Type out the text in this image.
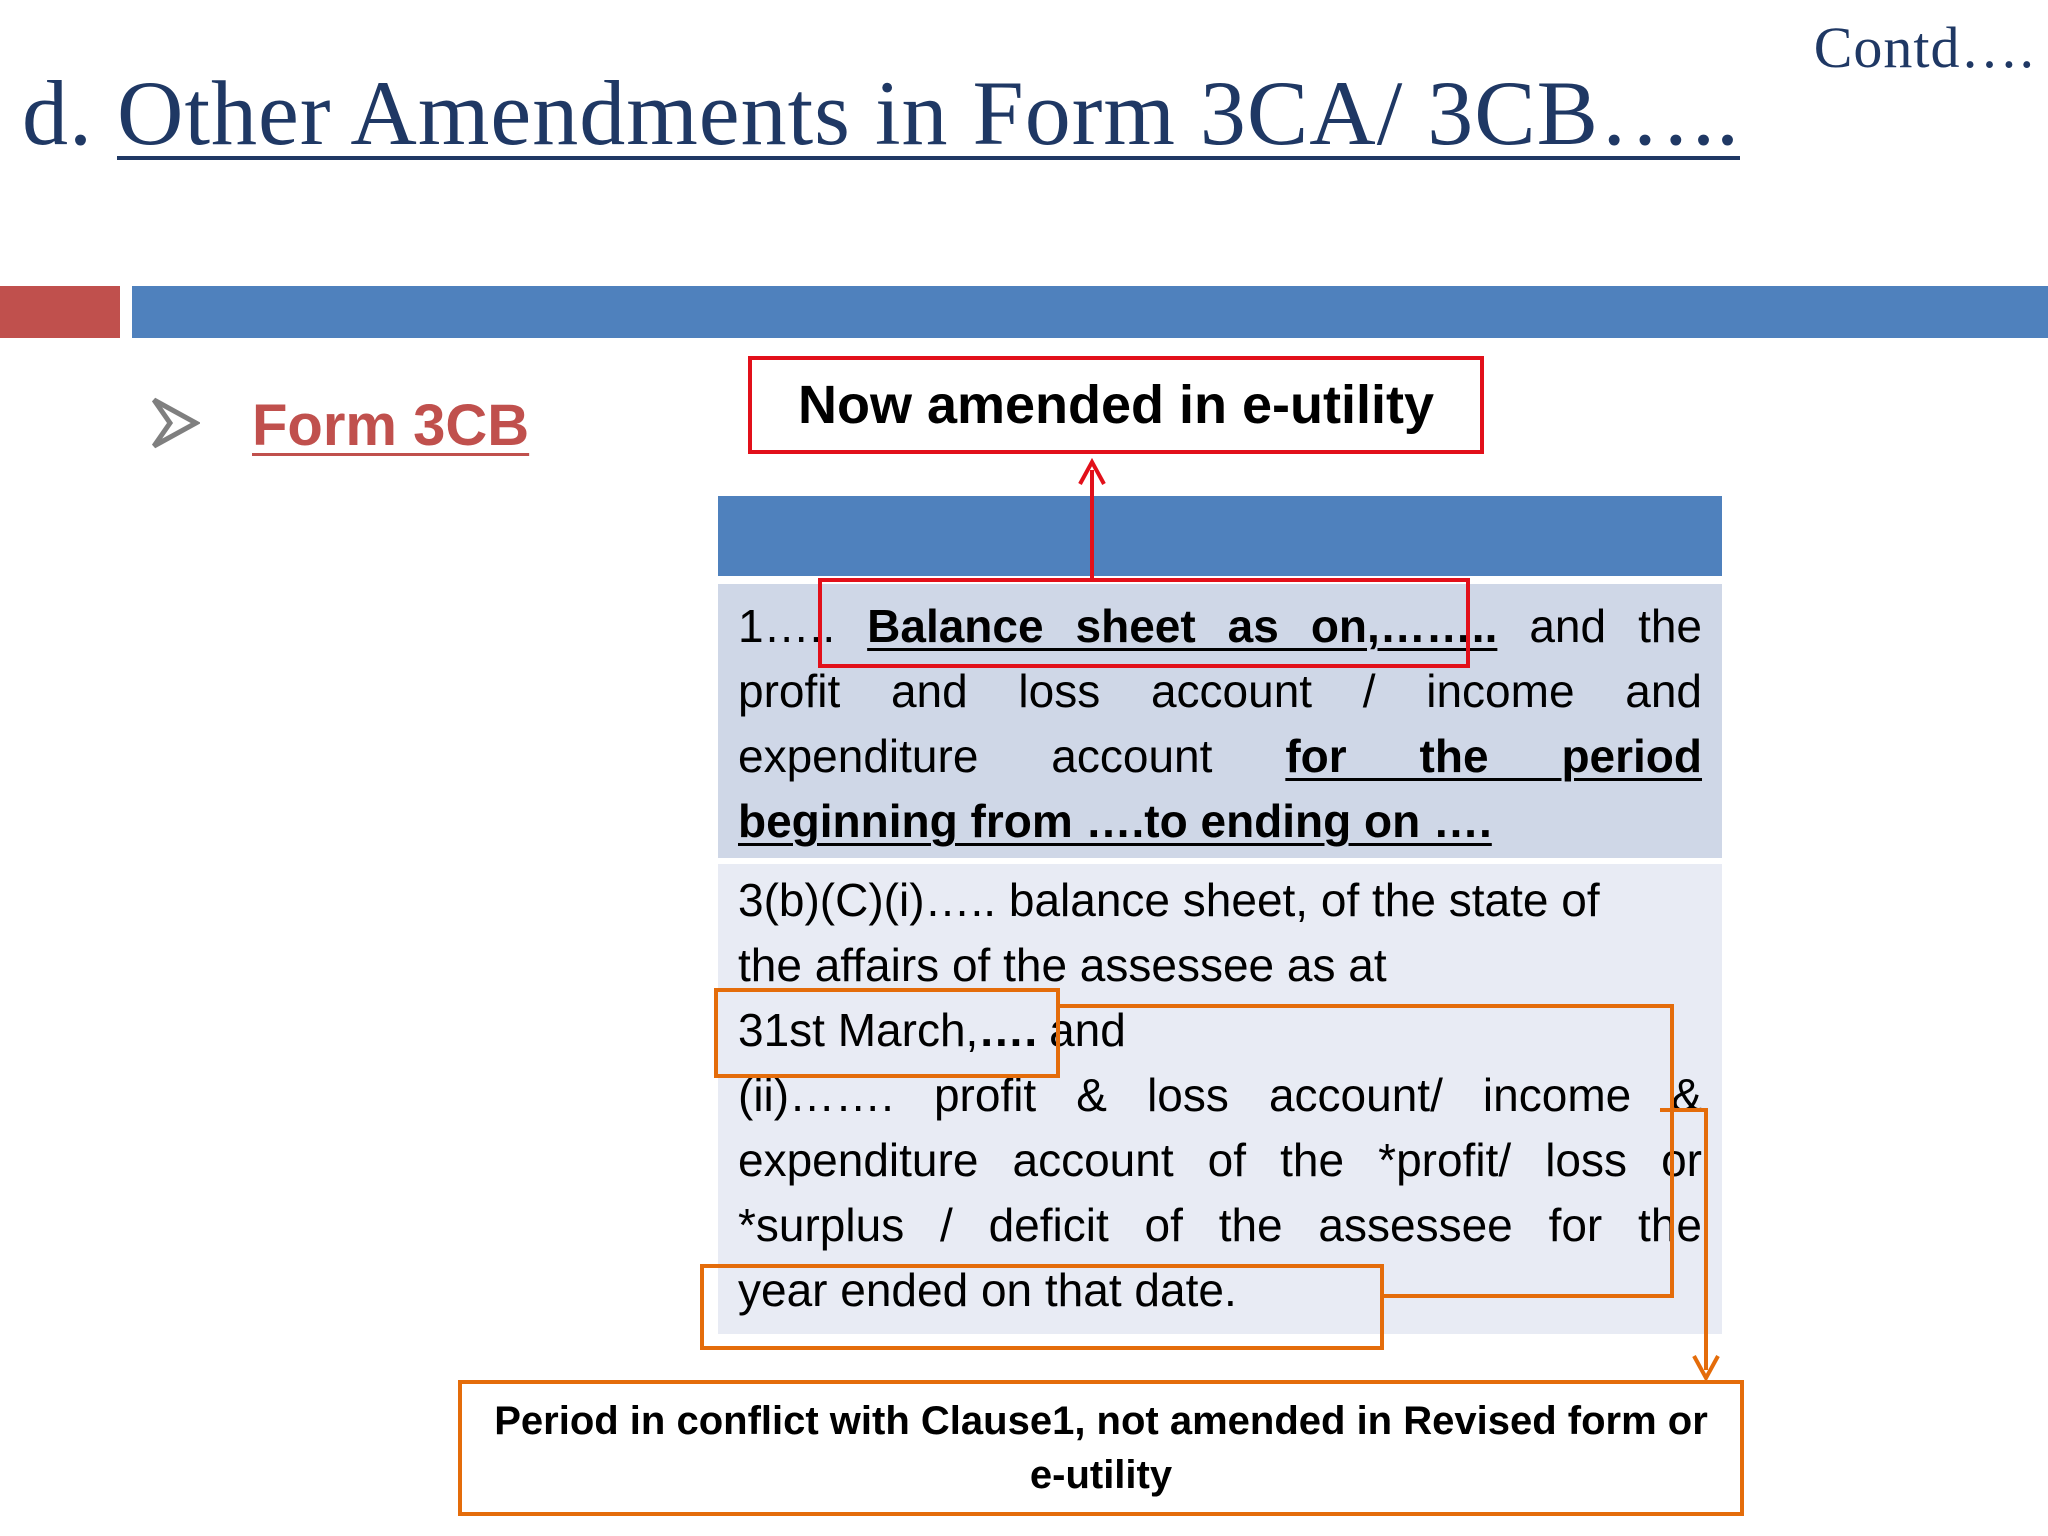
Contd….
d. Other Amendments in Form 3CA/ 3CB…..
Form 3CB	Now amended in e-utility
1….. Balance sheet as on,…….. and the
profit and loss account / income and
expenditure account for the period
beginning from ….to ending on ….
3(b)(C)(i)….. balance sheet, of the state of
the affairs of the assessee as at
31st March,…. and
(ii)……. profit & loss account/ income &
expenditure account of the *profit/ loss or
*surplus / deficit of the assessee for the
year ended on that date.
Period in conflict with Clause1, not amended in Revised form or e-utility
